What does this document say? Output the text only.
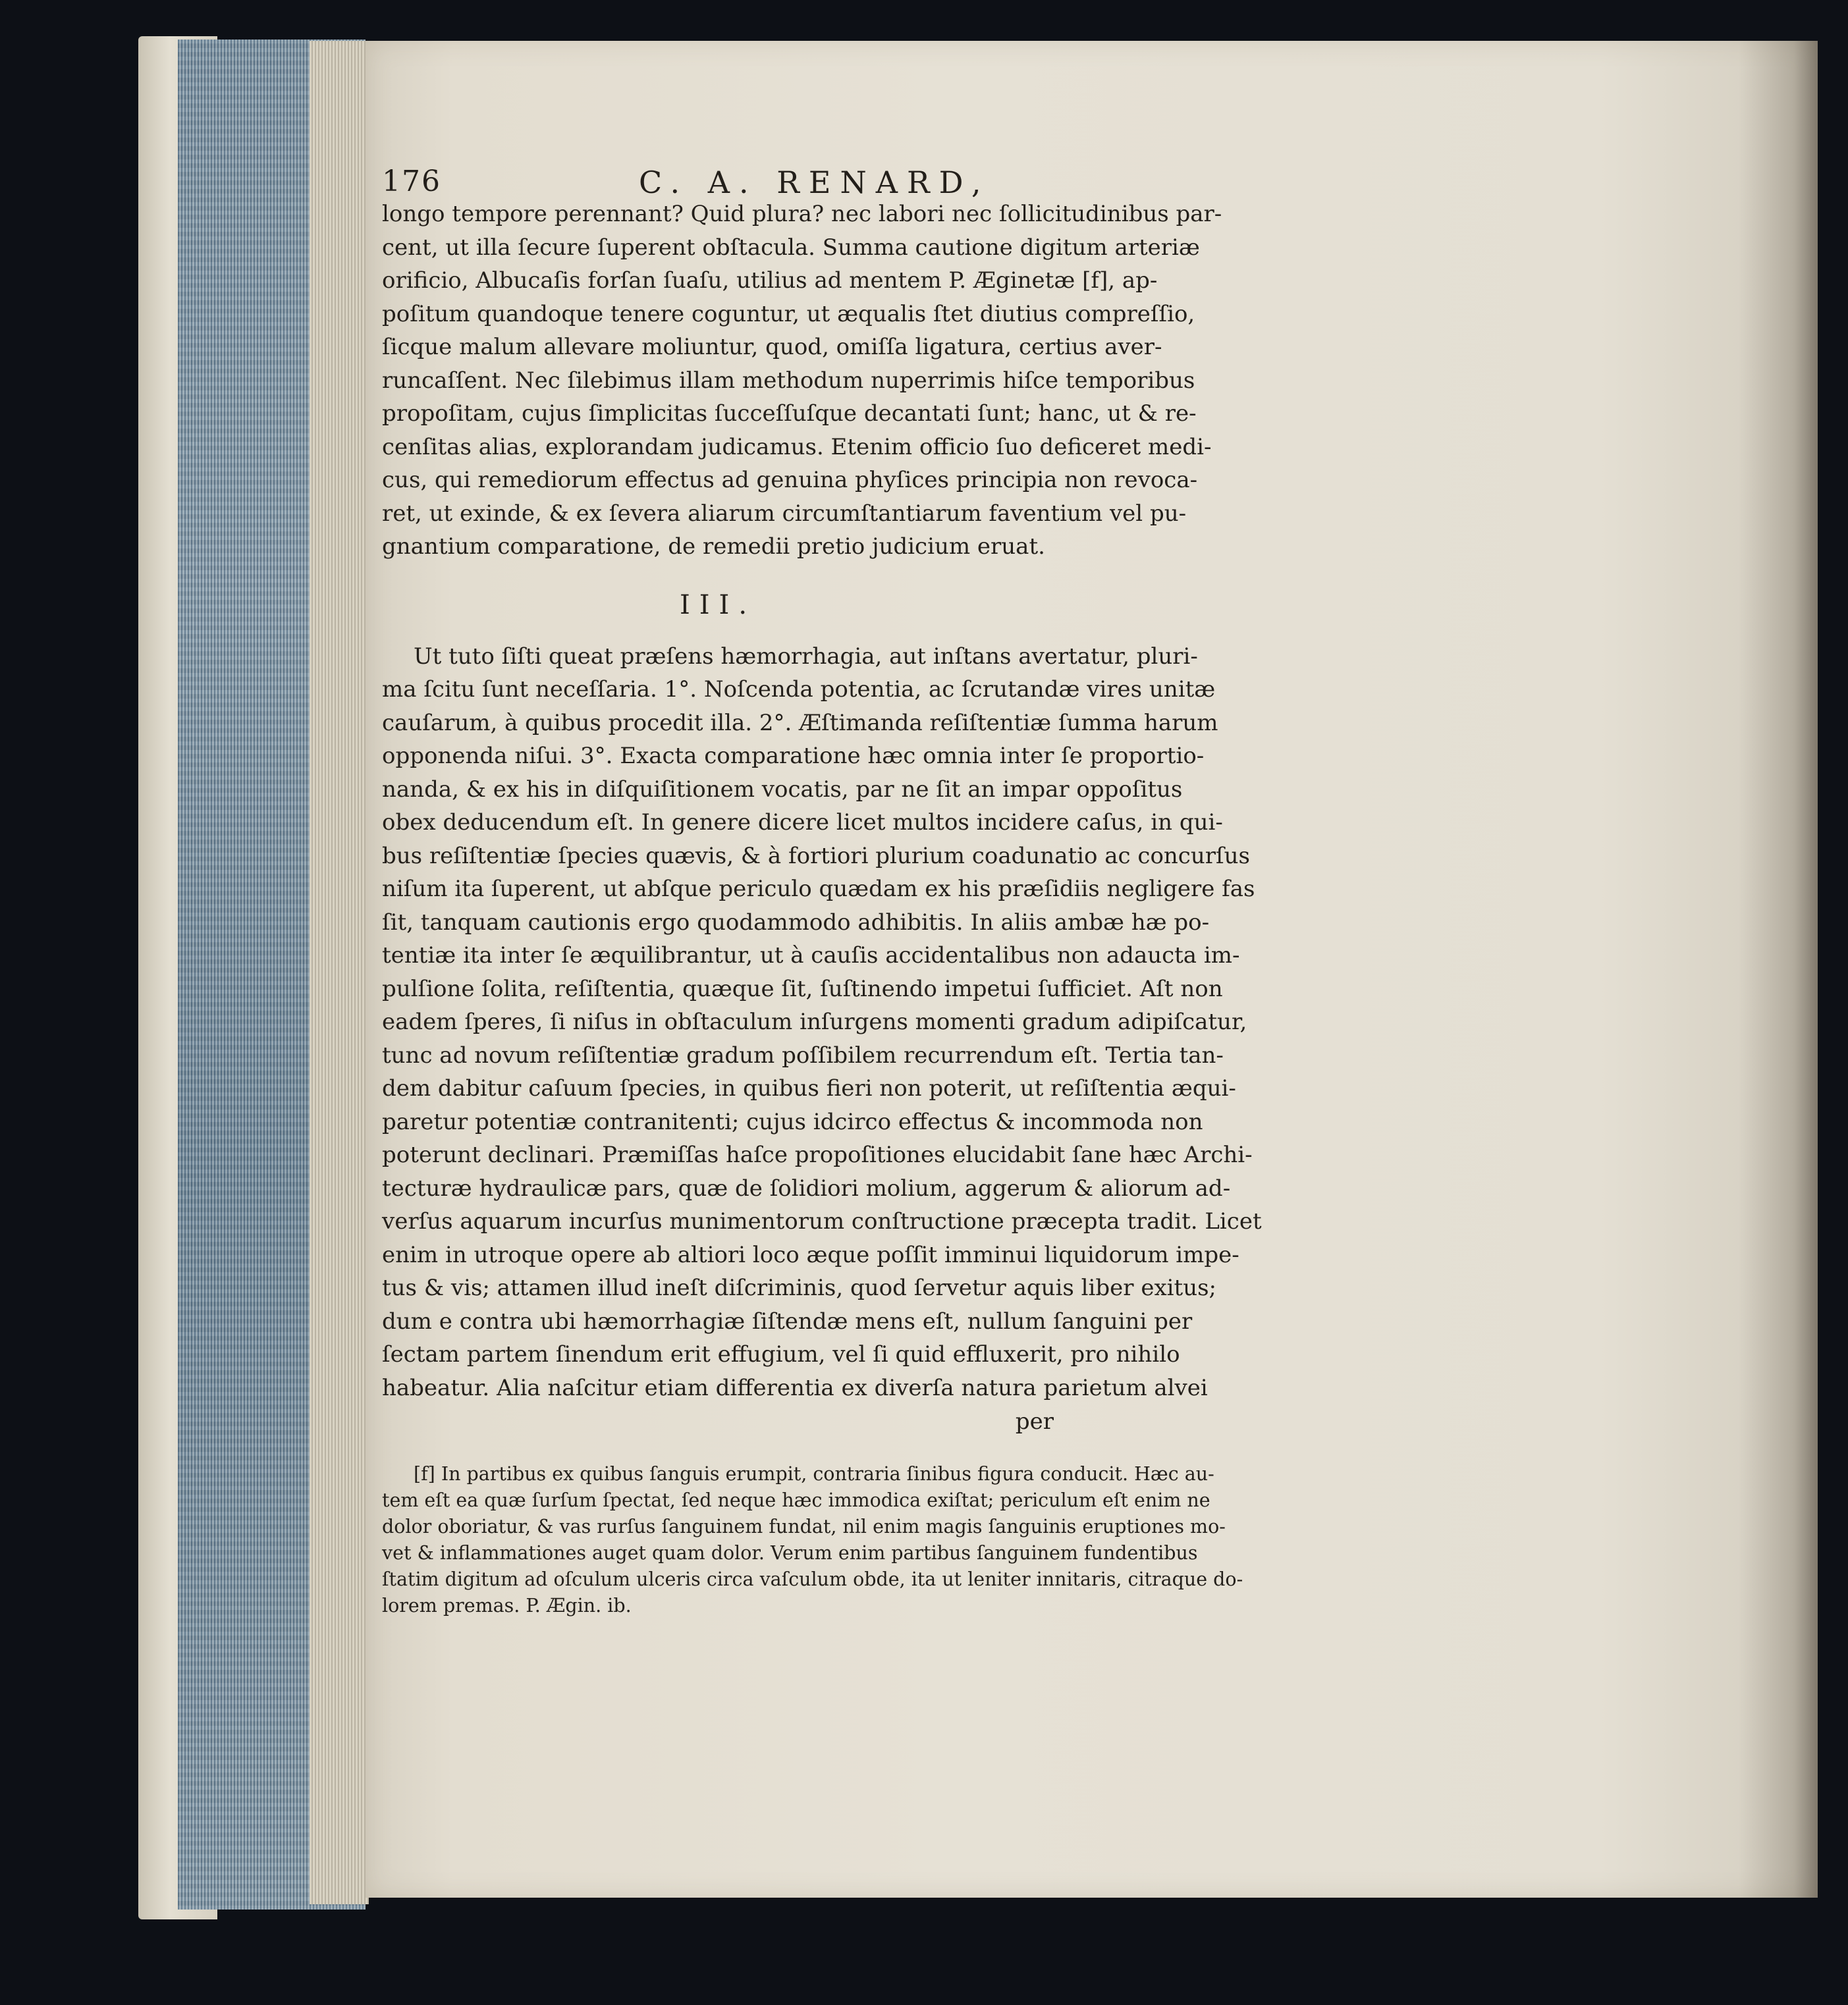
176	C. A. RENARD,

longo tempore perennant? Quid plura? nec labori nec ſollicitudinibus par-
cent, ut illa ſecure ſuperent obſtacula. Summa cautione digitum arteriæ
orificio, Albucaſis forſan ſuaſu, utilius ad mentem P. Æginetæ [f], ap-
poſitum quandoque tenere coguntur, ut æqualis ſtet diutius compreſſio,
ſicque malum allevare moliuntur, quod, omiſſa ligatura, certius aver-
runcaſſent. Nec ſilebimus illam methodum nuperrimis hiſce temporibus
propoſitam, cujus ſimplicitas ſucceſſuſque decantati ſunt; hanc, ut & re-
cenſitas alias, explorandam judicamus. Etenim officio ſuo deficeret medi-
cus, qui remediorum effectus ad genuina phyſices principia non revoca-
ret, ut exinde, & ex ſevera aliarum circumſtantiarum faventium vel pu-
gnantium comparatione, de remedii pretio judicium eruat.

III.

Ut tuto ſiſti queat præſens hæmorrhagia, aut inſtans avertatur, pluri-
ma ſcitu ſunt neceſſaria. 1°. Noſcenda potentia, ac ſcrutandæ vires unitæ
cauſarum, à quibus procedit illa. 2°. Æſtimanda reſiſtentiæ ſumma harum
opponenda niſui. 3°. Exacta comparatione hæc omnia inter ſe proportio-
nanda, & ex his in diſquiſitionem vocatis, par ne ſit an impar oppoſitus
obex deducendum eſt. In genere dicere licet multos incidere caſus, in qui-
bus reſiſtentiæ ſpecies quævis, & à fortiori plurium coadunatio ac concurſus
niſum ita ſuperent, ut abſque periculo quædam ex his præſidiis negligere fas
ſit, tanquam cautionis ergo quodammodo adhibitis. In aliis ambæ hæ po-
tentiæ ita inter ſe æquilibrantur, ut à cauſis accidentalibus non adaucta im-
pulſione ſolita, reſiſtentia, quæque ſit, ſuſtinendo impetui ſufficiet. Aſt non
eadem ſperes, ſi niſus in obſtaculum inſurgens momenti gradum adipiſcatur,
tunc ad novum reſiſtentiæ gradum poſſibilem recurrendum eſt. Tertia tan-
dem dabitur caſuum ſpecies, in quibus fieri non poterit, ut reſiſtentia æqui-
paretur potentiæ contranitenti; cujus idcirco effectus & incommoda non
poterunt declinari. Præmiſſas haſce propoſitiones elucidabit ſane hæc Archi-
tecturæ hydraulicæ pars, quæ de ſolidiori molium, aggerum & aliorum ad-
verſus aquarum incurſus munimentorum conſtructione præcepta tradit. Licet
enim in utroque opere ab altiori loco æque poſſit imminui liquidorum impe-
tus & vis; attamen illud ineſt diſcriminis, quod ſervetur aquis liber exitus;
dum e contra ubi hæmorrhagiæ ſiſtendæ mens eſt, nullum ſanguini per
ſectam partem ſinendum erit effugium, vel ſi quid effluxerit, pro nihilo
habeatur. Alia naſcitur etiam differentia ex diverſa natura parietum alvei

per
[f] In partibus ex quibus ſanguis erumpit, contraria ſinibus figura conducit. Hæc au-
tem eſt ea quæ ſurſum ſpectat, ſed neque hæc immodica exiſtat; periculum eſt enim ne
dolor oboriatur, & vas rurſus ſanguinem fundat, nil enim magis ſanguinis eruptiones mo-
vet & inflammationes auget quam dolor. Verum enim partibus ſanguinem fundentibus
ſtatim digitum ad oſculum ulceris circa vaſculum obde, ita ut leniter innitaris, citraque do-
lorem premas. P. Ægin. ib.
